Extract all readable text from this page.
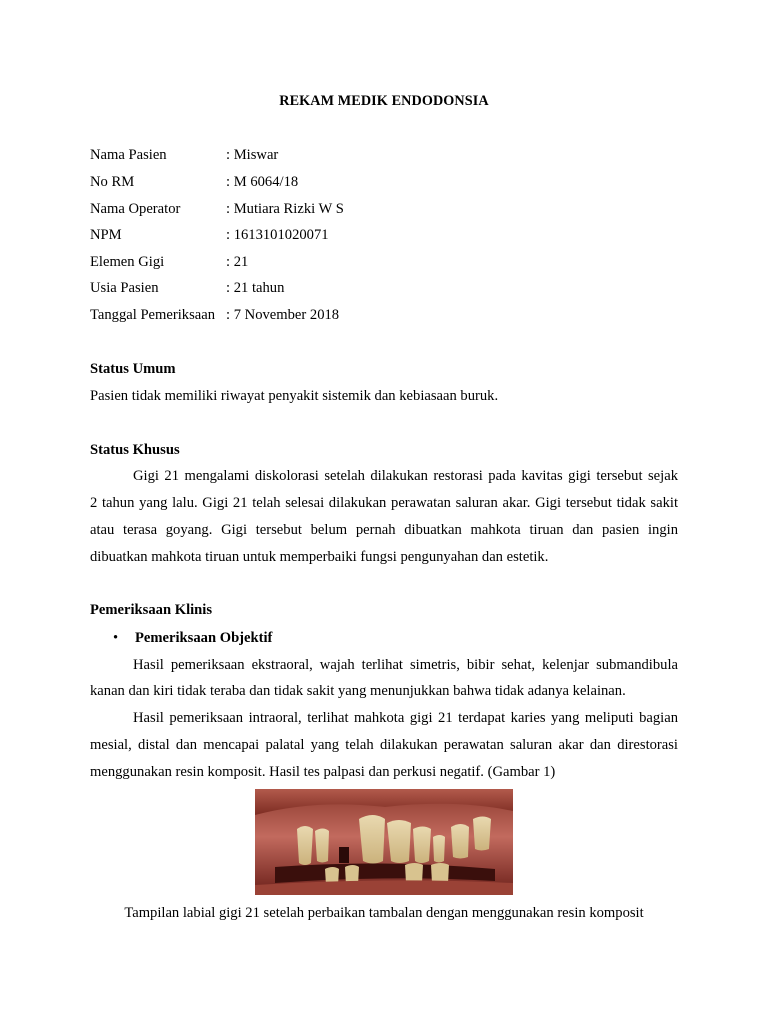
REKAM MEDIK ENDODONSIA
Nama Pasien	: Miswar
No RM	: M 6064/18
Nama Operator	: Mutiara Rizki W S
NPM	: 1613101020071
Elemen Gigi	: 21
Usia Pasien	: 21 tahun
Tanggal Pemeriksaan : 7 November 2018
Status Umum
Pasien tidak memiliki riwayat penyakit sistemik dan kebiasaan buruk.
Status Khusus
Gigi 21 mengalami diskolorasi setelah dilakukan restorasi pada kavitas gigi tersebut sejak
2 tahun yang lalu. Gigi 21 telah selesai dilakukan perawatan saluran akar. Gigi tersebut tidak sakit
atau terasa goyang. Gigi tersebut belum pernah dibuatkan mahkota tiruan dan pasien ingin
dibuatkan mahkota tiruan untuk memperbaiki fungsi pengunyahan dan estetik.
Pemeriksaan Klinis
• Pemeriksaan Objektif
Hasil pemeriksaan ekstraoral, wajah terlihat simetris, bibir sehat, kelenjar submandibula
kanan dan kiri tidak teraba dan tidak sakit yang menunjukkan bahwa tidak adanya kelainan.
Hasil pemeriksaan intraoral, terlihat mahkota gigi 21 terdapat karies yang meliputi bagian
mesial, distal dan mencapai palatal yang telah dilakukan perawatan saluran akar dan direstorasi
menggunakan resin komposit. Hasil tes palpasi dan perkusi negatif. (Gambar 1)
Tampilan labial gigi 21 setelah perbaikan tambalan dengan menggunakan resin komposit
